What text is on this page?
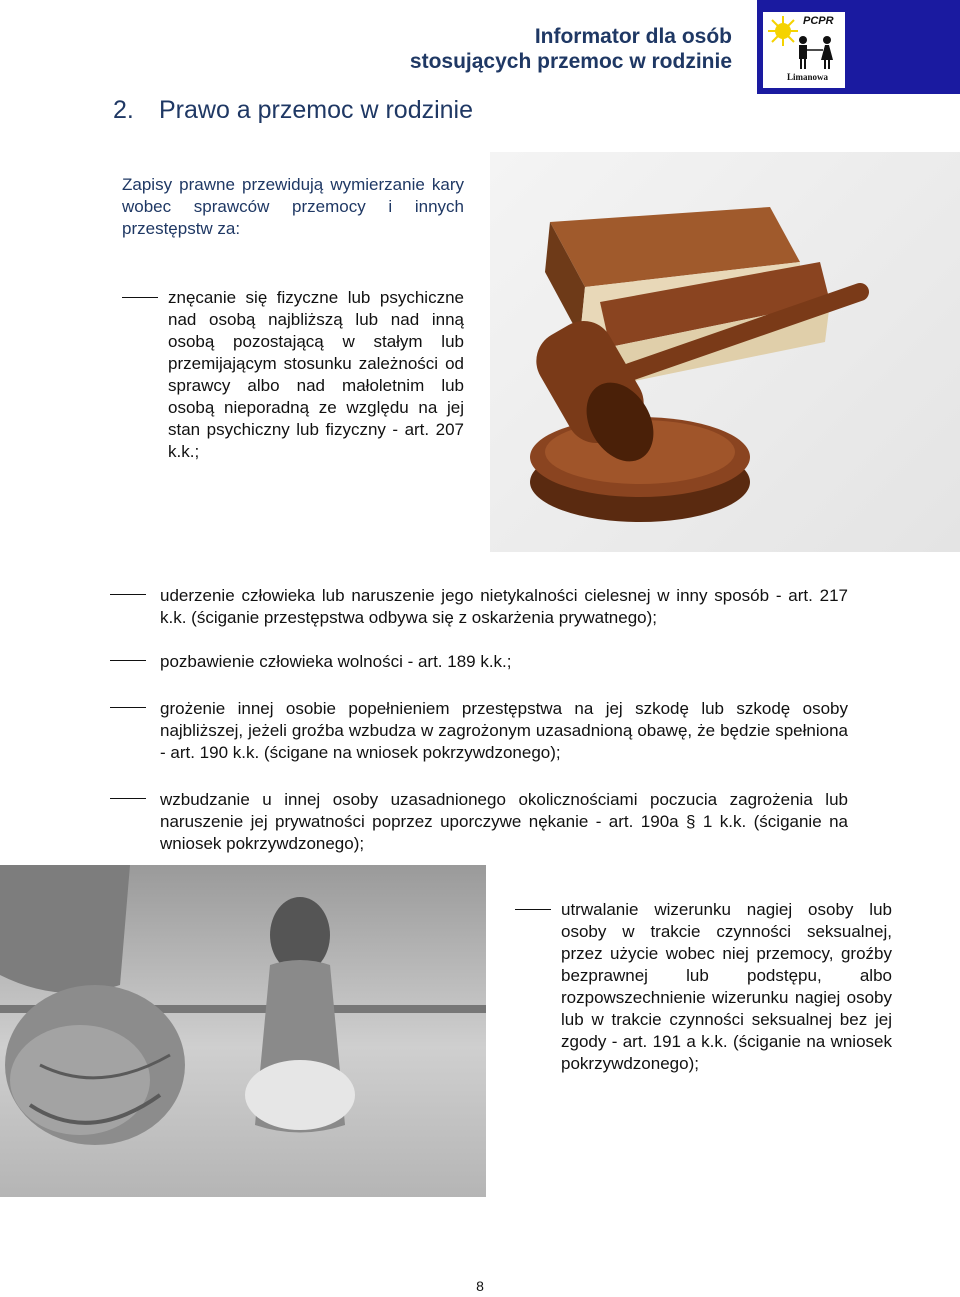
Informator dla osób
stosujących przemoc w rodzinie
PCPR
Limanowa
2. Prawo a przemoc w rodzinie
Zapisy prawne przewidują wymierzanie kary wobec sprawców przemocy i innych przestępstw za:
znęcanie się fizyczne lub psychiczne nad osobą najbliższą lub nad inną osobą pozostającą w stałym lub przemijającym stosunku zależności od sprawcy albo nad małoletnim lub osobą nieporadną ze względu na jej stan psychiczny lub fizyczny - art. 207 k.k.;
uderzenie człowieka lub naruszenie jego nietykalności cielesnej w inny sposób - art. 217 k.k. (ściganie przestępstwa odbywa się z oskarżenia prywatnego);
pozbawienie człowieka wolności - art. 189 k.k.;
grożenie innej osobie popełnieniem przestępstwa na jej szkodę lub szkodę osoby najbliższej, jeżeli groźba wzbudza w zagrożonym uzasadnioną obawę, że będzie spełniona - art. 190 k.k. (ścigane na wniosek pokrzywdzonego);
wzbudzanie u innej osoby uzasadnionego okolicznościami poczucia zagrożenia lub naruszenie jej prywatności poprzez uporczywe nękanie - art. 190a § 1 k.k. (ściganie na wniosek pokrzywdzonego);
utrwalanie wizerunku nagiej osoby lub osoby w trakcie czynności seksualnej, przez użycie wobec niej przemocy, groźby bezprawnej lub podstępu, albo rozpowszechnienie wizerunku nagiej osoby lub w trakcie czynności seksualnej bez jej zgody - art. 191 a k.k. (ściganie na wniosek pokrzywdzonego);
8
